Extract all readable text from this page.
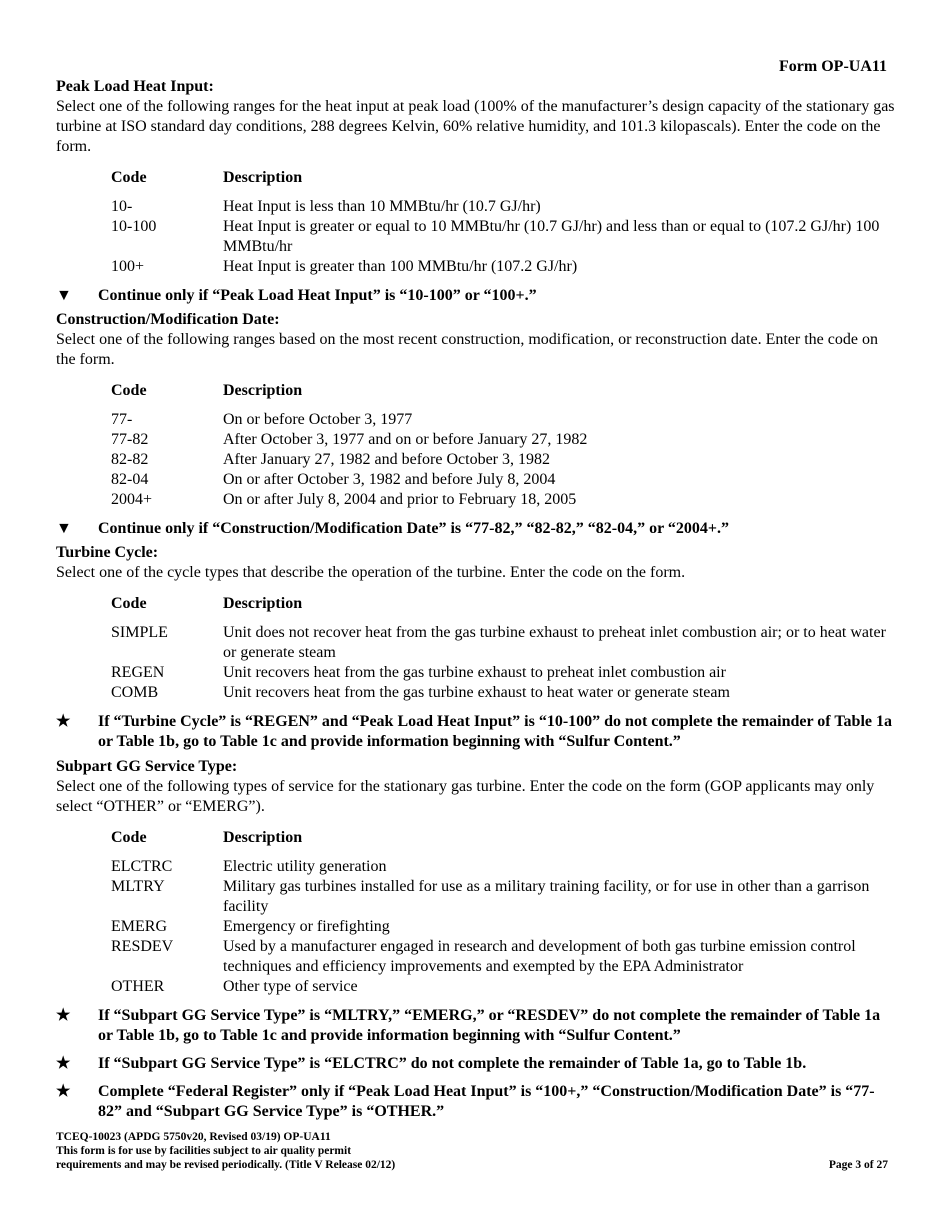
Form OP-UA11

Peak Load Heat Input:

Select one of the following ranges for the heat input at peak load (100% of the manufacturer’s design capacity of the stationary gas turbine at ISO standard day conditions, 288 degrees Kelvin, 60% relative humidity, and 101.3 kilopascals). Enter the code on the form.

Code	Description
10-	Heat Input is less than 10 MMBtu/hr (10.7 GJ/hr)
10-100	Heat Input is greater or equal to 10 MMBtu/hr (10.7 GJ/hr) and less than or equal to (107.2 GJ/hr) 100 MMBtu/hr
100+	Heat Input is greater than 100 MMBtu/hr (107.2 GJ/hr)
▼	Continue only if “Peak Load Heat Input” is “10-100” or “100+.”

Construction/Modification Date:

Select one of the following ranges based on the most recent construction, modification, or reconstruction date. Enter the code on the form.

Code	Description
77-	On or before October 3, 1977
77-82	After October 3, 1977 and on or before January 27, 1982
82-82	After January 27, 1982 and before October 3, 1982
82-04	On or after October 3, 1982 and before July 8, 2004
2004+	On or after July 8, 2004 and prior to February 18, 2005
▼	Continue only if “Construction/Modification Date” is “77-82,” “82-82,” “82-04,” or “2004+.”

Turbine Cycle:

Select one of the cycle types that describe the operation of the turbine. Enter the code on the form.

Code	Description
SIMPLE	Unit does not recover heat from the gas turbine exhaust to preheat inlet combustion air; or to heat water or generate steam
REGEN	Unit recovers heat from the gas turbine exhaust to preheat inlet combustion air
COMB	Unit recovers heat from the gas turbine exhaust to heat water or generate steam
★	If “Turbine Cycle” is “REGEN” and “Peak Load Heat Input” is “10-100” do not complete the remainder of Table 1a or Table 1b, go to Table 1c and provide information beginning with “Sulfur Content.”

Subpart GG Service Type:

Select one of the following types of service for the stationary gas turbine. Enter the code on the form (GOP applicants may only select “OTHER” or “EMERG”).

Code	Description
ELCTRC	Electric utility generation
MLTRY	Military gas turbines installed for use as a military training facility, or for use in other than a garrison facility
EMERG	Emergency or firefighting
RESDEV	Used by a manufacturer engaged in research and development of both gas turbine emission control techniques and efficiency improvements and exempted by the EPA Administrator
OTHER	Other type of service
★	If “Subpart GG Service Type” is “MLTRY,” “EMERG,” or “RESDEV” do not complete the remainder of Table 1a or Table 1b, go to Table 1c and provide information beginning with “Sulfur Content.”
★	If “Subpart GG Service Type” is “ELCTRC” do not complete the remainder of Table 1a, go to Table 1b.
★	Complete “Federal Register” only if “Peak Load Heat Input” is “100+,” “Construction/Modification Date” is “77-82” and “Subpart GG Service Type” is “OTHER.”
TCEQ-10023 (APDG 5750v20, Revised 03/19) OP-UA11
This form is for use by facilities subject to air quality permit
requirements and may be revised periodically. (Title V Release 02/12)	Page 3 of 27
